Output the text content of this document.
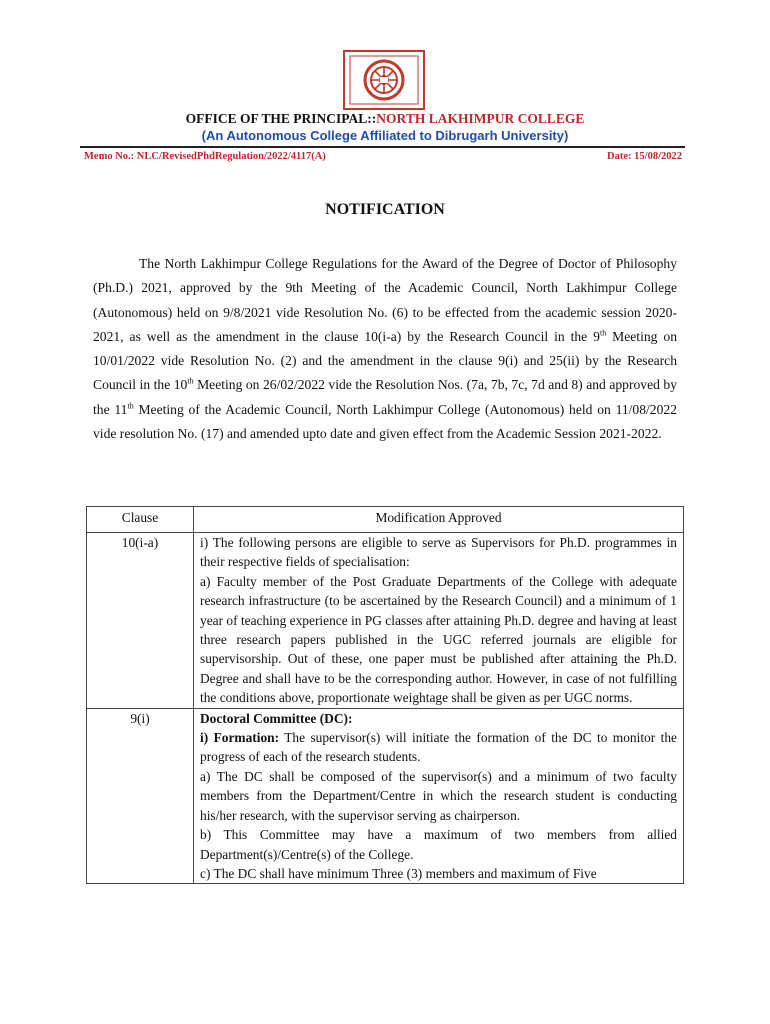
OFFICE OF THE PRINCIPAL::NORTH LAKHIMPUR COLLEGE
(An Autonomous College Affiliated to Dibrugarh University)
Memo No.: NLC/RevisedPhdRegulation/2022/4117(A)	Date: 15/08/2022
NOTIFICATION

The North Lakhimpur College Regulations for the Award of the Degree of Doctor of Philosophy (Ph.D.) 2021, approved by the 9th Meeting of the Academic Council, North Lakhimpur College (Autonomous) held on 9/8/2021 vide Resolution No. (6) to be effected from the academic session 2020-2021, as well as the amendment in the clause 10(i-a) by the Research Council in the 9th Meeting on 10/01/2022 vide Resolution No. (2) and the amendment in the clause 9(i) and 25(ii) by the Research Council in the 10th Meeting on 26/02/2022 vide the Resolution Nos. (7a, 7b, 7c, 7d and 8) and approved by the 11th Meeting of the Academic Council, North Lakhimpur College (Autonomous) held on 11/08/2022 vide resolution No. (17) and amended upto date and given effect from the Academic Session 2021-2022.

Clause	Modification Approved
10(i-a)	i) The following persons are eligible to serve as Supervisors for Ph.D. programmes in their respective fields of specialisation:

a) Faculty member of the Post Graduate Departments of the College with adequate research infrastructure (to be ascertained by the Research Council) and a minimum of 1 year of teaching experience in PG classes after attaining Ph.D. degree and having at least three research papers published in the UGC referred journals are eligible for supervisorship. Out of these, one paper must be published after attaining the Ph.D. Degree and shall have to be the corresponding author. However, in case of not fulfilling the conditions above, proportionate weightage shall be given as per UGC norms.

9(i)	Doctoral Committee (DC):

i) Formation: The supervisor(s) will initiate the formation of the DC to monitor the progress of each of the research students.

a) The DC shall be composed of the supervisor(s) and a minimum of two faculty members from the Department/Centre in which the research student is conducting his/her research, with the supervisor serving as chairperson.

b) This Committee may have a maximum of two members from allied Department(s)/Centre(s) of the College.

c) The DC shall have minimum Three (3) members and maximum of Five
